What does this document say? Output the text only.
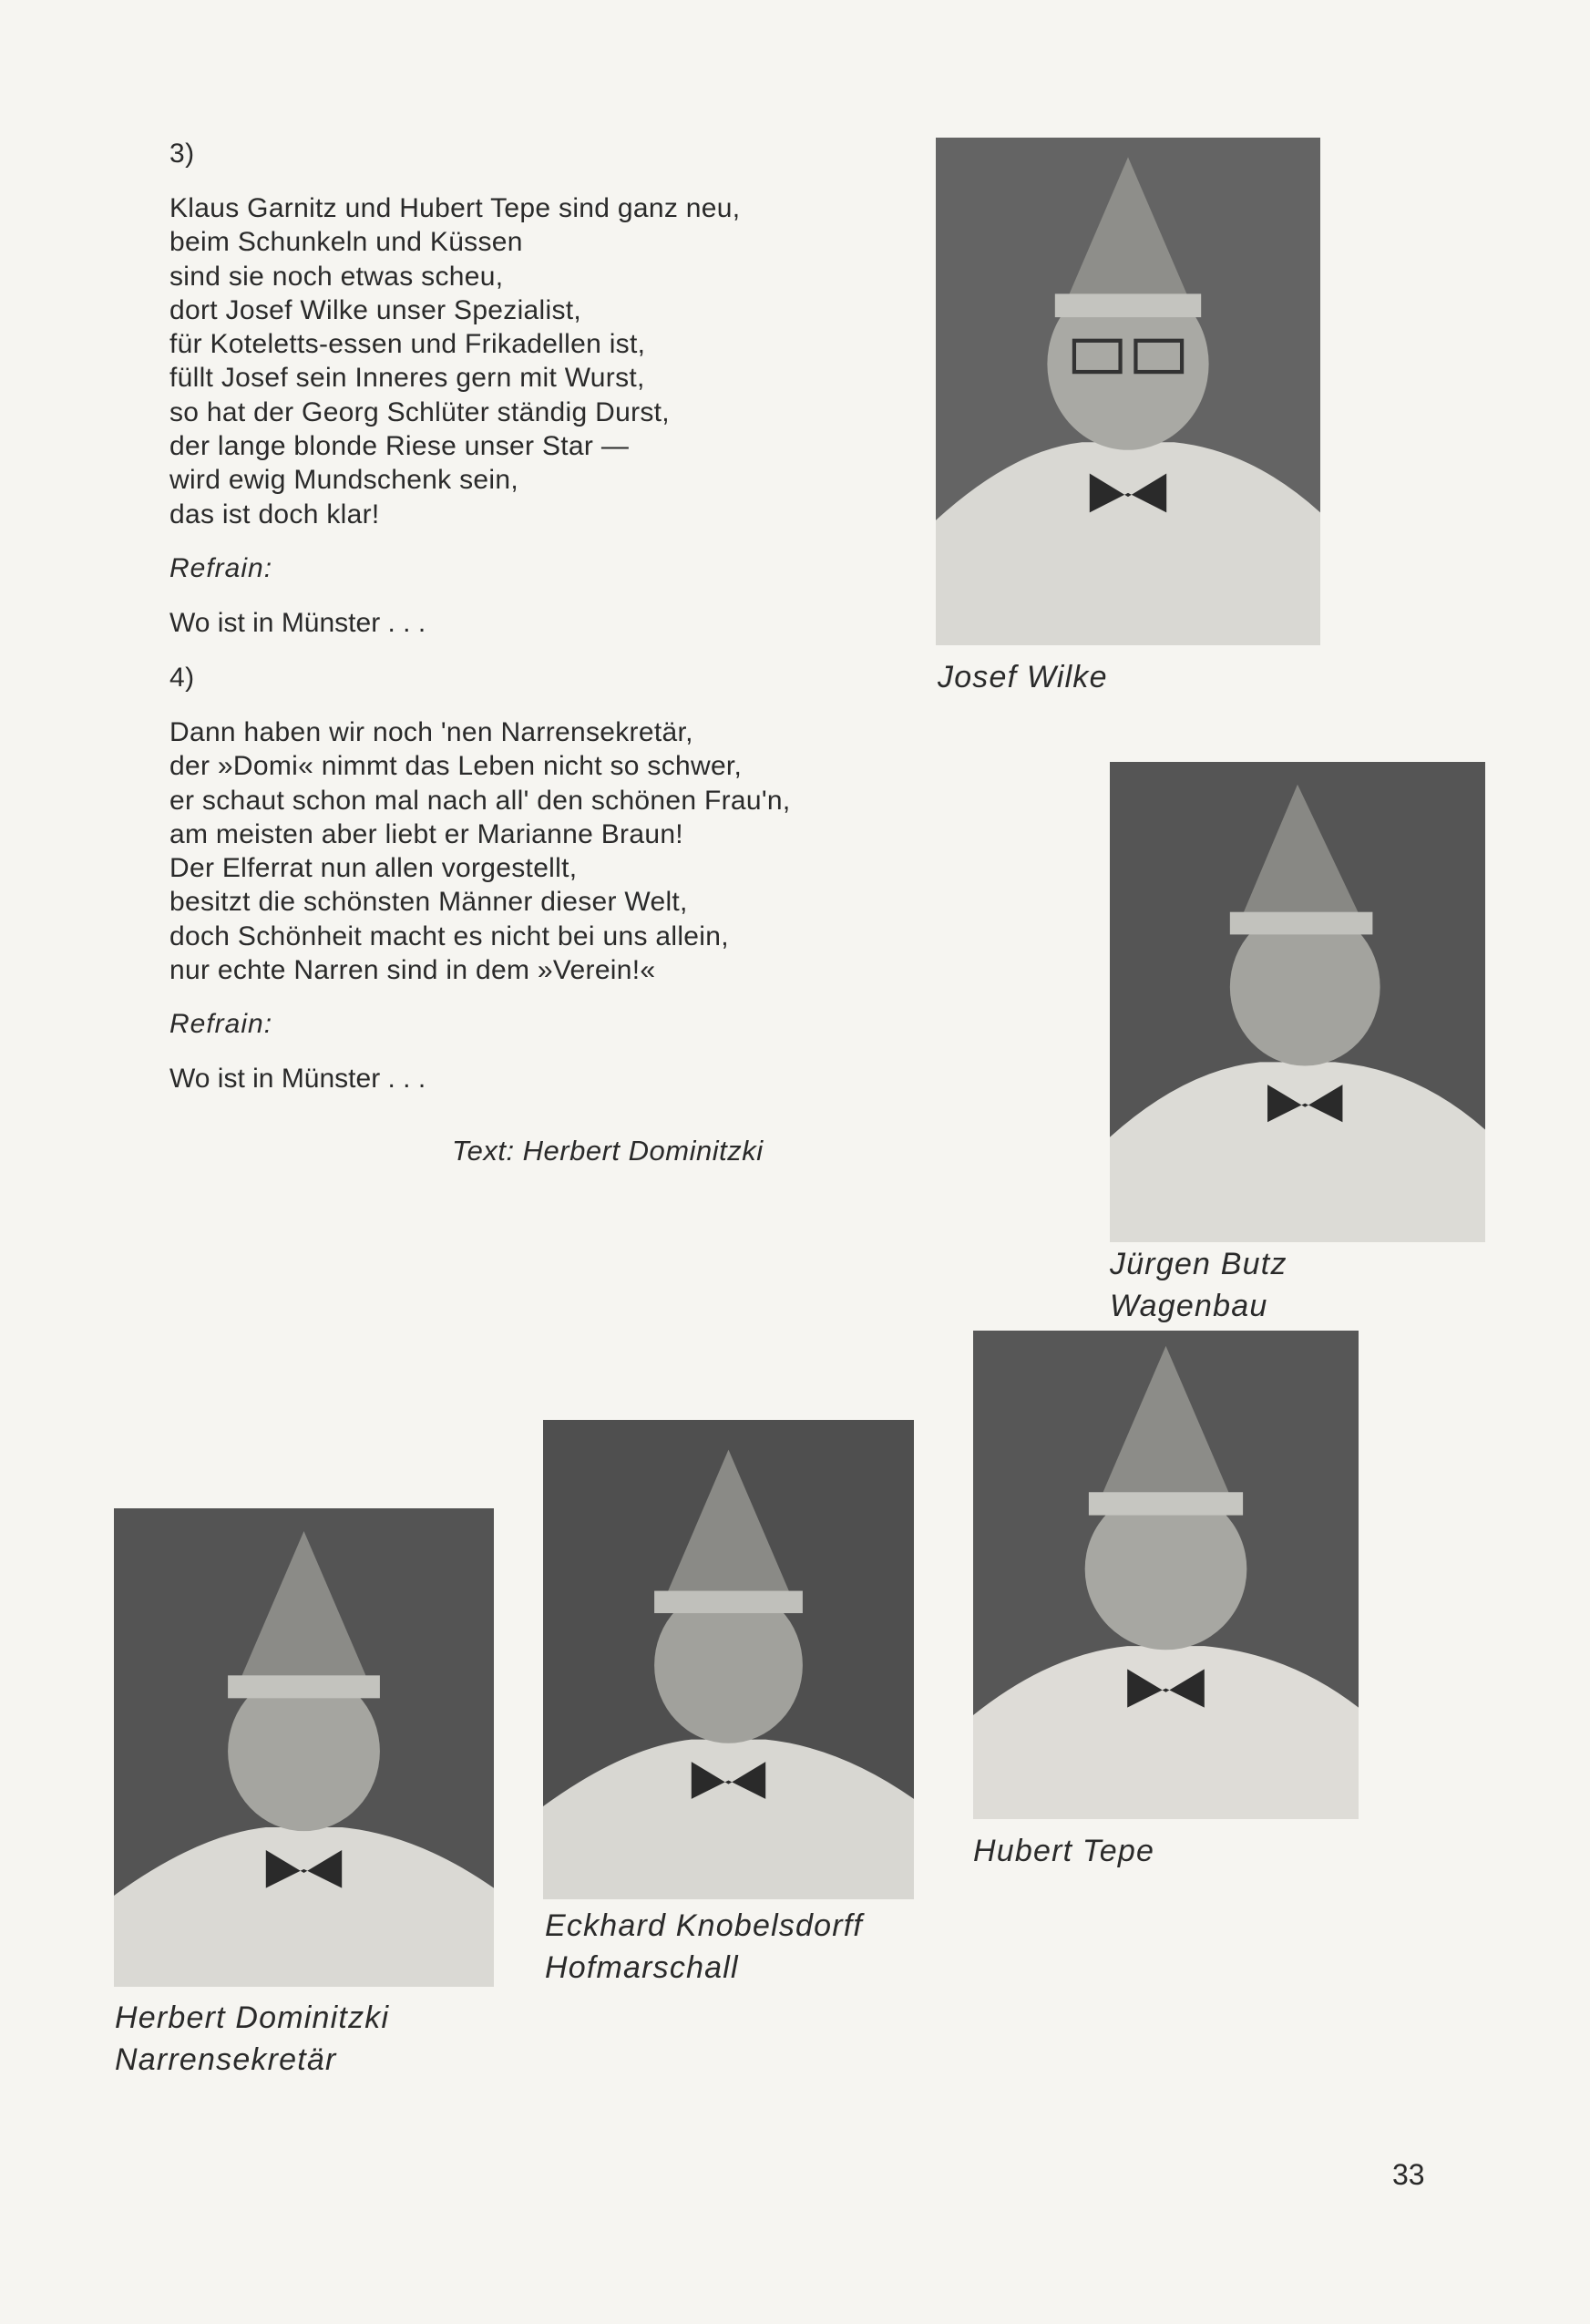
3)
Klaus Garnitz und Hubert Tepe sind ganz neu,
beim Schunkeln und Küssen
sind sie noch etwas scheu,
dort Josef Wilke unser Spezialist,
für Koteletts-essen und Frikadellen ist,
füllt Josef sein Inneres gern mit Wurst,
so hat der Georg Schlüter ständig Durst,
der lange blonde Riese unser Star —
wird ewig Mundschenk sein,
das ist doch klar!
Refrain:
Wo ist in Münster . . .
4)
Dann haben wir noch 'nen Narrensekretär,
der »Domi« nimmt das Leben nicht so schwer,
er schaut schon mal nach all' den schönen Frau'n,
am meisten aber liebt er Marianne Braun!
Der Elferrat nun allen vorgestellt,
besitzt die schönsten Männer dieser Welt,
doch Schönheit macht es nicht bei uns allein,
nur echte Narren sind in dem »Verein!«
Refrain:
Wo ist in Münster . . .
Text: Herbert Dominitzki
Josef Wilke
Jürgen Butz
Wagenbau
Hubert Tepe
Eckhard Knobelsdorff
Hofmarschall
Herbert Dominitzki
Narrensekretär
33
